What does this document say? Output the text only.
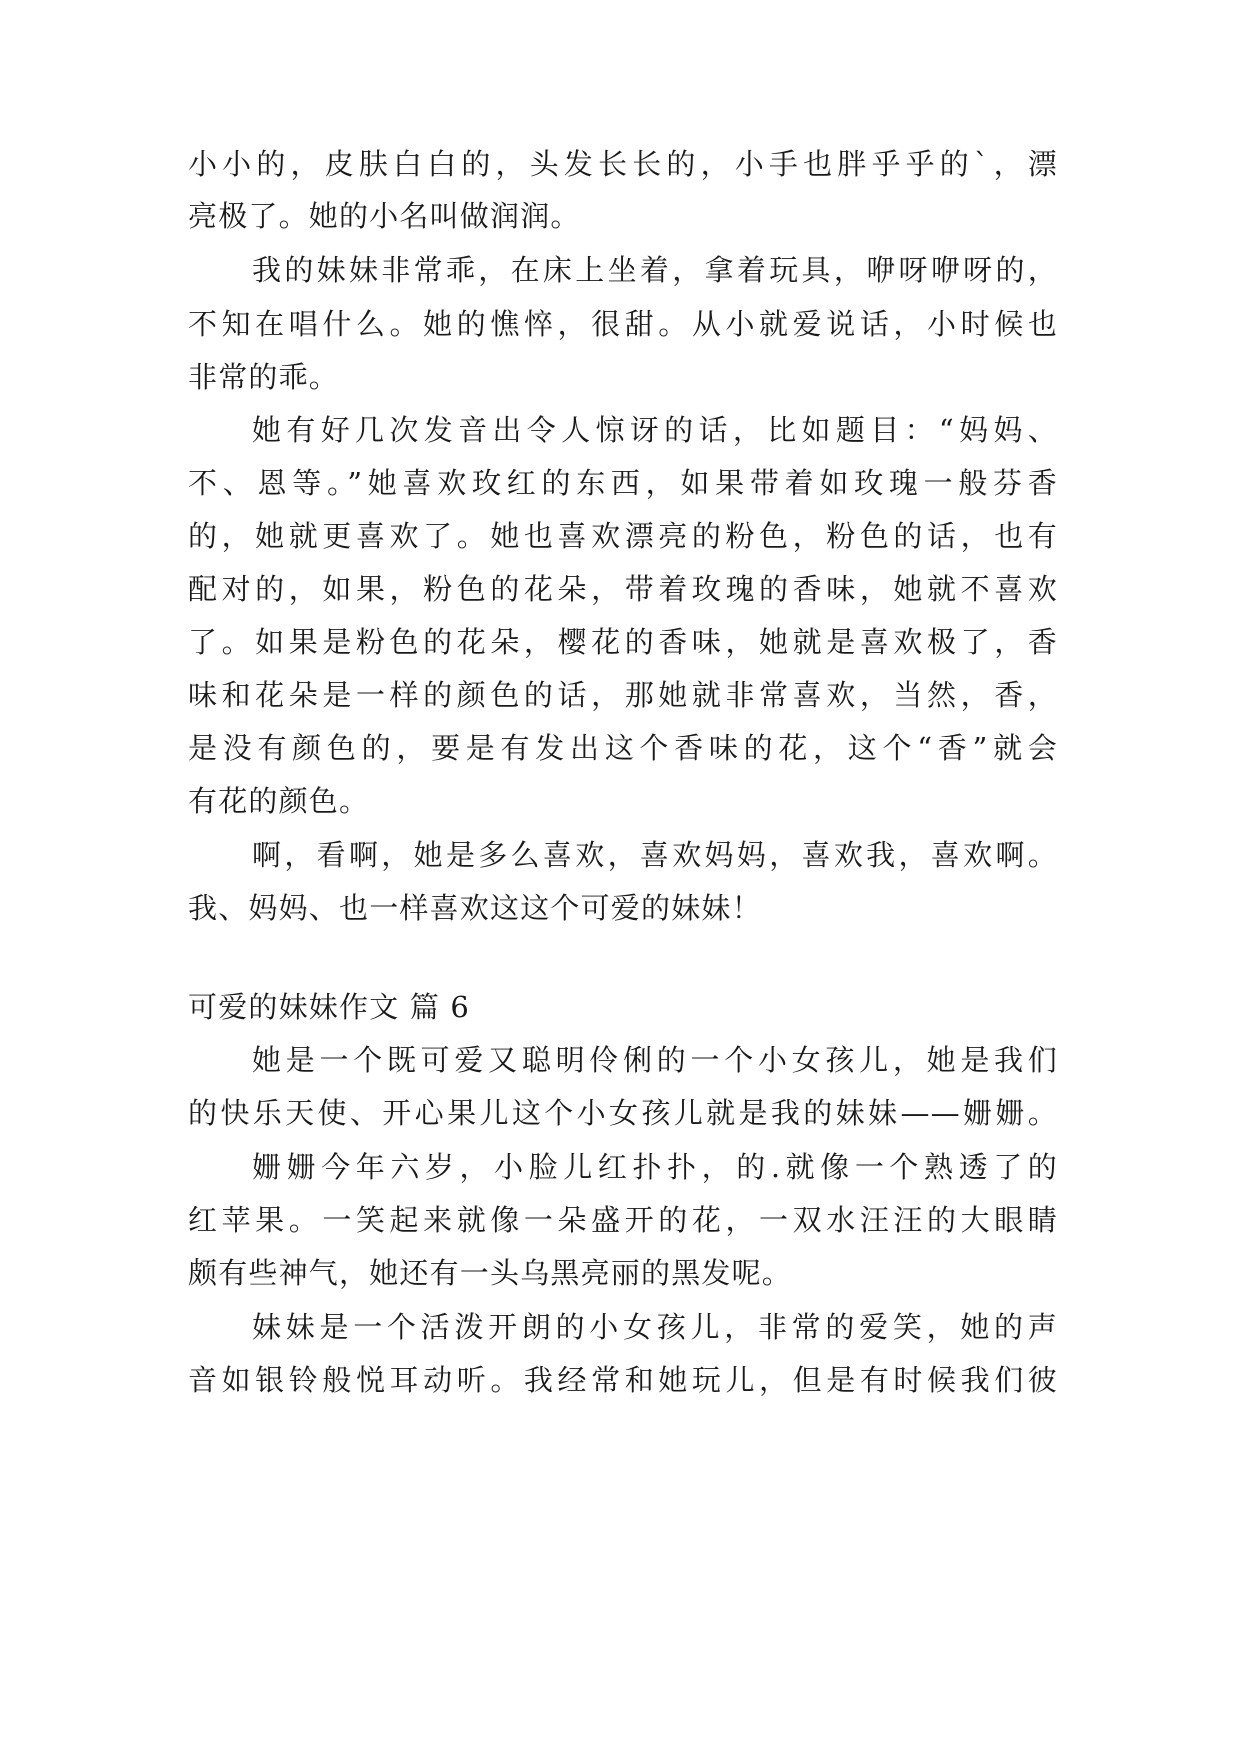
小小的，皮肤白白的，头发长长的，小手也胖乎乎的`，漂
亮极了。她的小名叫做润润。
我的妹妹非常乖，在床上坐着，拿着玩具，咿呀咿呀的，
不知在唱什么。她的憔悴，很甜。从小就爱说话，小时候也
非常的乖。
她有好几次发音出令人惊讶的话，比如题目：“妈妈、
不、恩等。”她喜欢玫红的东西，如果带着如玫瑰一般芬香
的，她就更喜欢了。她也喜欢漂亮的粉色，粉色的话，也有
配对的，如果，粉色的花朵，带着玫瑰的香味，她就不喜欢
了。如果是粉色的花朵，樱花的香味，她就是喜欢极了，香
味和花朵是一样的颜色的话，那她就非常喜欢，当然，香，
是没有颜色的，要是有发出这个香味的花，这个“香”就会
有花的颜色。
啊，看啊，她是多么喜欢，喜欢妈妈，喜欢我，喜欢啊。
我、妈妈、也一样喜欢这这个可爱的妹妹！
可爱的妹妹作文 篇 6
她是一个既可爱又聪明伶俐的一个小女孩儿，她是我们
的快乐天使、开心果儿这个小女孩儿就是我的妹妹——姗姗。
姗姗今年六岁，小脸儿红扑扑，的.就像一个熟透了的
红苹果。一笑起来就像一朵盛开的花，一双水汪汪的大眼睛
颇有些神气，她还有一头乌黑亮丽的黑发呢。
妹妹是一个活泼开朗的小女孩儿，非常的爱笑，她的声
音如银铃般悦耳动听。我经常和她玩儿，但是有时候我们彼
